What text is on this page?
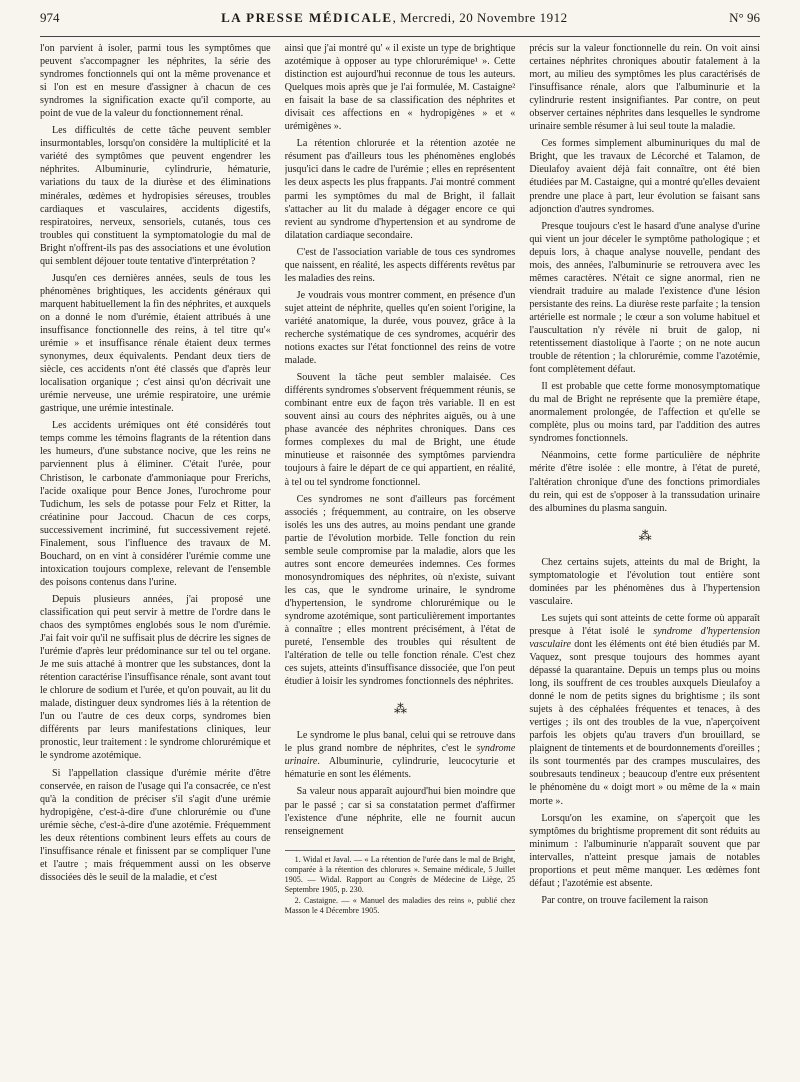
974	LA PRESSE MÉDICALE, Mercredi, 20 Novembre 1912	N° 96

l'on parvient à isoler, parmi tous les symptômes que peuvent s'accompagner les néphrites, la série des syndromes fonctionnels qui ont la même provenance et si l'on est en mesure d'assigner à chacun de ces syndromes la signification exacte qu'il comporte, au point de vue de la valeur du fonctionnement rénal.

Les difficultés de cette tâche peuvent sembler insurmontables, lorsqu'on considère la multiplicité et la variété des symptômes que peuvent engendrer les néphrites. Albuminurie, cylindrurie, hématurie, variations du taux de la diurèse et des éliminations minérales, œdèmes et hydropisies séreuses, troubles cardiaques et vasculaires, accidents digestifs, respiratoires, nerveux, sensoriels, cutanés, tous ces troubles qui constituent la symptomatologie du mal de Bright n'offrent-ils pas des associations et une évolution qui semblent déjouer toute tentative d'interprétation ?

Jusqu'en ces dernières années, seuls de tous les phénomènes brightiques, les accidents généraux qui marquent habituellement la fin des néphrites, et auxquels on a donné le nom d'urémie, étaient attribués à une insuffisance fonctionnelle des reins, à tel titre qu'« urémie » et insuffisance rénale étaient deux termes synonymes, deux équivalents. Pendant deux tiers de siècle, ces accidents n'ont été classés que d'après leur localisation organique ; c'est ainsi qu'on décrivait une urémie nerveuse, une urémie respiratoire, une urémie gastrique, une urémie intestinale.

Les accidents urémiques ont été considérés tout temps comme les témoins flagrants de la rétention dans les humeurs, d'une substance nocive, que les reins ne parviennent plus à éliminer. C'était l'urée, pour Christison, le carbonate d'ammoniaque pour Frerichs, l'acide oxalique pour Bence Jones, l'urochrome pour Tudichum, les sels de potasse pour Felz et Ritter, la créatinine pour Jaccoud. Chacun de ces corps, successivement incriminé, fut successivement rejeté. Finalement, sous l'influence des travaux de M. Bouchard, on en vint à considérer l'urémie comme une intoxication toujours complexe, relevant de l'ensemble des poisons contenus dans l'urine.

Depuis plusieurs années, j'ai proposé une classification qui peut servir à mettre de l'ordre dans le chaos des symptômes englobés sous le nom d'urémie. J'ai fait voir qu'il ne suffisait plus de décrire les signes de l'urémie d'après leur prédominance sur tel ou tel organe. Je me suis attaché à montrer que les substances, dont la rétention caractérise l'insuffisance rénale, sont avant tout le chlorure de sodium et l'urée, et qu'on pouvait, au lit du malade, distinguer deux syndromes liés à la rétention de l'un ou l'autre de ces deux corps, syndromes bien différents par leurs manifestations cliniques, leur pronostic, leur traitement : le syndrome chlorurémique et le syndrome azotémique.

Si l'appellation classique d'urémie mérite d'être conservée, en raison de l'usage qui l'a consacrée, ce n'est qu'à la condition de préciser s'il s'agit d'une urémie hydropigène, c'est-à-dire d'une chlorurémie ou d'une urémie sèche, c'est-à-dire d'une azotémie. Fréquemment les deux rétentions combinent leurs effets au cours de l'insuffisance rénale et finissent par se compliquer l'une et l'autre ; mais fréquemment aussi on les observe dissociées dès le seuil de la maladie, et c'est

ainsi que j'ai montré qu' « il existe un type de brightique azotémique à opposer au type chlorurémique¹ ». Cette distinction est aujourd'hui reconnue de tous les auteurs. Quelques mois après que je l'ai formulée, M. Castaigne² en faisait la base de sa classification des néphrites et divisait ces affections en « hydropigènes » et « urémigènes ».

La rétention chlorurée et la rétention azotée ne résument pas d'ailleurs tous les phénomènes englobés jusqu'ici dans le cadre de l'urémie ; elles en représentent les deux aspects les plus frappants. J'ai montré comment parmi les symptômes du mal de Bright, il fallait s'attacher au lit du malade à dégager encore ce qui revient au syndrome d'hypertension et au syndrome de dilatation cardiaque secondaire.

C'est de l'association variable de tous ces syndromes que naissent, en réalité, les aspects différents revêtus par les maladies des reins.

Je voudrais vous montrer comment, en présence d'un sujet atteint de néphrite, quelles qu'en soient l'origine, la variété anatomique, la durée, vous pouvez, grâce à la recherche systématique de ces syndromes, acquérir des notions exactes sur l'état fonctionnel des reins de votre malade.

Souvent la tâche peut sembler malaisée. Ces différents syndromes s'observent fréquemment réunis, se combinant entre eux de façon très variable. Il en est souvent ainsi au cours des néphrites aiguës, ou à une phase avancée des néphrites chroniques. Dans ces formes complexes du mal de Bright, une étude minutieuse et raisonnée des symptômes parviendra toujours à faire le départ de ce qui appartient, en réalité, à tel ou tel syndrome fonctionnel.

Ces syndromes ne sont d'ailleurs pas forcément associés ; fréquemment, au contraire, on les observe isolés les uns des autres, au moins pendant une grande partie de l'évolution morbide. Telle fonction du rein semble seule compromise par la maladie, alors que les autres sont encore demeurées indemnes. Ces formes monosyndromiques des néphrites, où n'existe, suivant les cas, que le syndrome urinaire, le syndrome d'hypertension, le syndrome chlorurémique ou le syndrome azotémique, sont particulièrement importantes à connaître ; elles montrent précisément, à l'état de pureté, l'ensemble des troubles qui résultent de l'altération de telle ou telle fonction rénale. C'est chez ces sujets, atteints d'insuffisance dissociée, que l'on peut étudier à loisir les syndromes fonctionnels des néphrites.

⁂

Le syndrome le plus banal, celui qui se retrouve dans le plus grand nombre de néphrites, c'est le syndrome urinaire. Albuminurie, cylindrurie, leucocyturie et hématurie en sont les éléments.

Sa valeur nous apparaît aujourd'hui bien moindre que par le passé ; car si sa constatation permet d'affirmer l'existence d'une néphrite, elle ne fournit aucun renseignement

1. Widal et Javal. — « La rétention de l'urée dans le mal de Bright, comparée à la rétention des chlorures ». Semaine médicale, 5 Juillet 1905. — Widal. Rapport au Congrès de Médecine de Liège, 25 Septembre 1905, p. 230.
2. Castaigne. — « Manuel des maladies des reins », publié chez Masson le 4 Décembre 1905.

précis sur la valeur fonctionnelle du rein. On voit ainsi certaines néphrites chroniques aboutir fatalement à la mort, au milieu des symptômes les plus caractérisés de l'insuffisance rénale, alors que l'albuminurie et la cylindrurie restent insignifiantes. Par contre, on peut observer certaines néphrites dans lesquelles le syndrome urinaire semble résumer à lui seul toute la maladie.

Ces formes simplement albuminuriques du mal de Bright, que les travaux de Lécorché et Talamon, de Dieulafoy avaient déjà fait connaître, ont été bien étudiées par M. Castaigne, qui a montré qu'elles devaient prendre une place à part, leur évolution se faisant sans adjonction d'autres syndromes.

Presque toujours c'est le hasard d'une analyse d'urine qui vient un jour déceler le symptôme pathologique ; et depuis lors, à chaque analyse nouvelle, pendant des mois, des années, l'albuminurie se retrouvera avec les mêmes caractères. N'était ce signe anormal, rien ne viendrait traduire au malade l'existence d'une lésion persistante des reins. La diurèse reste parfaite ; la tension artérielle est normale ; le cœur a son volume habituel et l'auscultation n'y révèle ni bruit de galop, ni retentissement diastolique à l'aorte ; on ne note aucun trouble de rétention ; la chlorurémie, comme l'azotémie, font complètement défaut.

Il est probable que cette forme monosymptomatique du mal de Bright ne représente que la première étape, anormalement prolongée, de l'affection et qu'elle se complète, plus ou moins tard, par l'addition des autres syndromes fonctionnels.

Néanmoins, cette forme particulière de néphrite mérite d'être isolée : elle montre, à l'état de pureté, l'altération chronique d'une des fonctions primordiales du rein, qui est de s'opposer à la transsudation urinaire des albumines du plasma sanguin.

⁂

Chez certains sujets, atteints du mal de Bright, la symptomatologie et l'évolution tout entière sont dominées par les phénomènes dus à l'hypertension vasculaire.

Les sujets qui sont atteints de cette forme où apparaît presque à l'état isolé le syndrome d'hypertension vasculaire dont les éléments ont été bien étudiés par M. Vaquez, sont presque toujours des hommes ayant dépassé la quarantaine. Depuis un temps plus ou moins long, ils souffrent de ces troubles auxquels Dieulafoy a donné le nom de petits signes du brightisme ; ils sont sujets à des céphalées fréquentes et tenaces, à des vertiges ; ils ont des troubles de la vue, n'aperçoivent parfois les objets qu'au travers d'un brouillard, se plaignent de tintements et de bourdonnements d'oreilles ; ils sont tourmentés par des crampes musculaires, des soubresauts tendineux ; beaucoup d'entre eux présentent le phénomène du « doigt mort » ou même de la « main morte ».

Lorsqu'on les examine, on s'aperçoit que les symptômes du brightisme proprement dit sont réduits au minimum : l'albuminurie n'apparaît souvent que par intervalles, n'atteint presque jamais de notables proportions et peut même manquer. Les œdèmes font défaut ; l'azotémie est absente.

Par contre, on trouve facilement la raison
